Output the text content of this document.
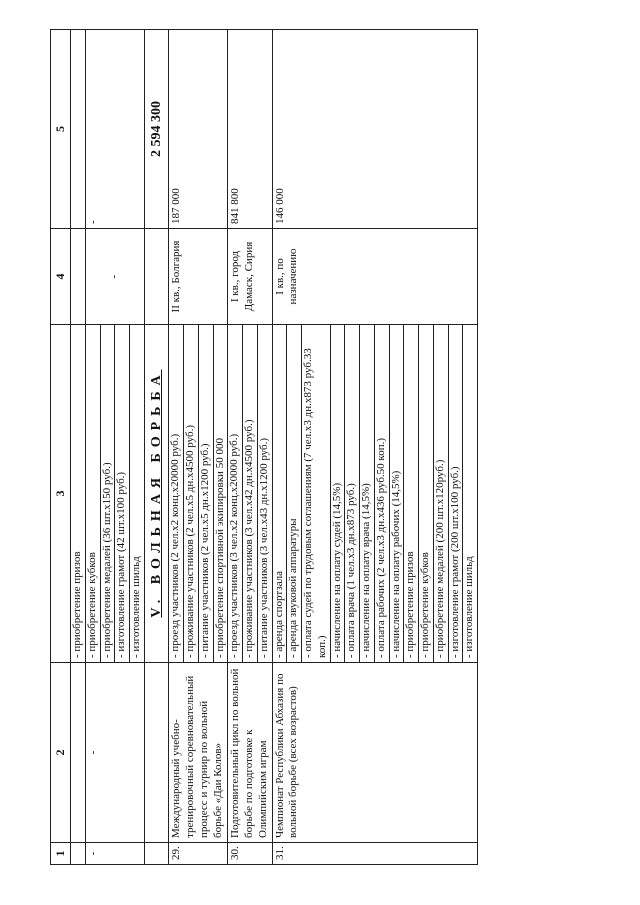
1	2	3	4	5
		- приобретение призов		
-	-	- приобретение кубков	-	-
		- приобретение медалей (36 шт.х150 руб.)		
		- изготовление грамот (42 шт.х100 руб.)		
		- изготовление шильд		
		V. ВОЛЬНАЯ БОРЬБА		2 594 300
29.	Международный учебно-тренировочный соревновательный процесс и турнир по вольной борьбе «Даи Колов»	- проезд участников (2 чел.х2 конц.х20000 руб.)	II кв., Болгария	187 000
		- проживание участников (2 чел.х5 дн.х4500 руб.)		
		- питание участников (2 чел.х5 дн.х1200 руб.)		
		- приобретение спортивной экипировки 50 000		
30.	Подготовительный цикл по вольной борьбе по подготовке к Олимпийским играм	- проезд участников (3 чел.х2 конц.х20000 руб.)	I кв., город Дамаск, Сирия	841 800
		- проживание участников (3 чел.х42 дн.х4500 руб.)		
		- питание участников (3 чел.х43 дн.х1200 руб.)		
31.	Чемпионат Республики Абхазия по вольной борьбе (всех возрастов)	- аренда спортзала	I кв., по назначению	146 000
		- аренда звуковой аппаратуры		
		- оплата судей по трудовым соглашениям (7 чел.х3 дн.х873 руб.33 коп.)		
		- начисление на оплату судей (14,5%)		
		- оплата врача (1 чел.х3 дн.х873 руб.)		
		- начисление на оплату врача (14,5%)		
		- оплата рабочих (2 чел.х3 дн.х436 руб.50 коп.)		
		- начисление на оплату рабочих (14,5%)		
		- приобретение призов		
		- приобретение кубков		
		- приобретение медалей (200 шт.х120руб.)		
		- изготовление грамот (200 шт.х100 руб.)		
		- изготовление шильд		
